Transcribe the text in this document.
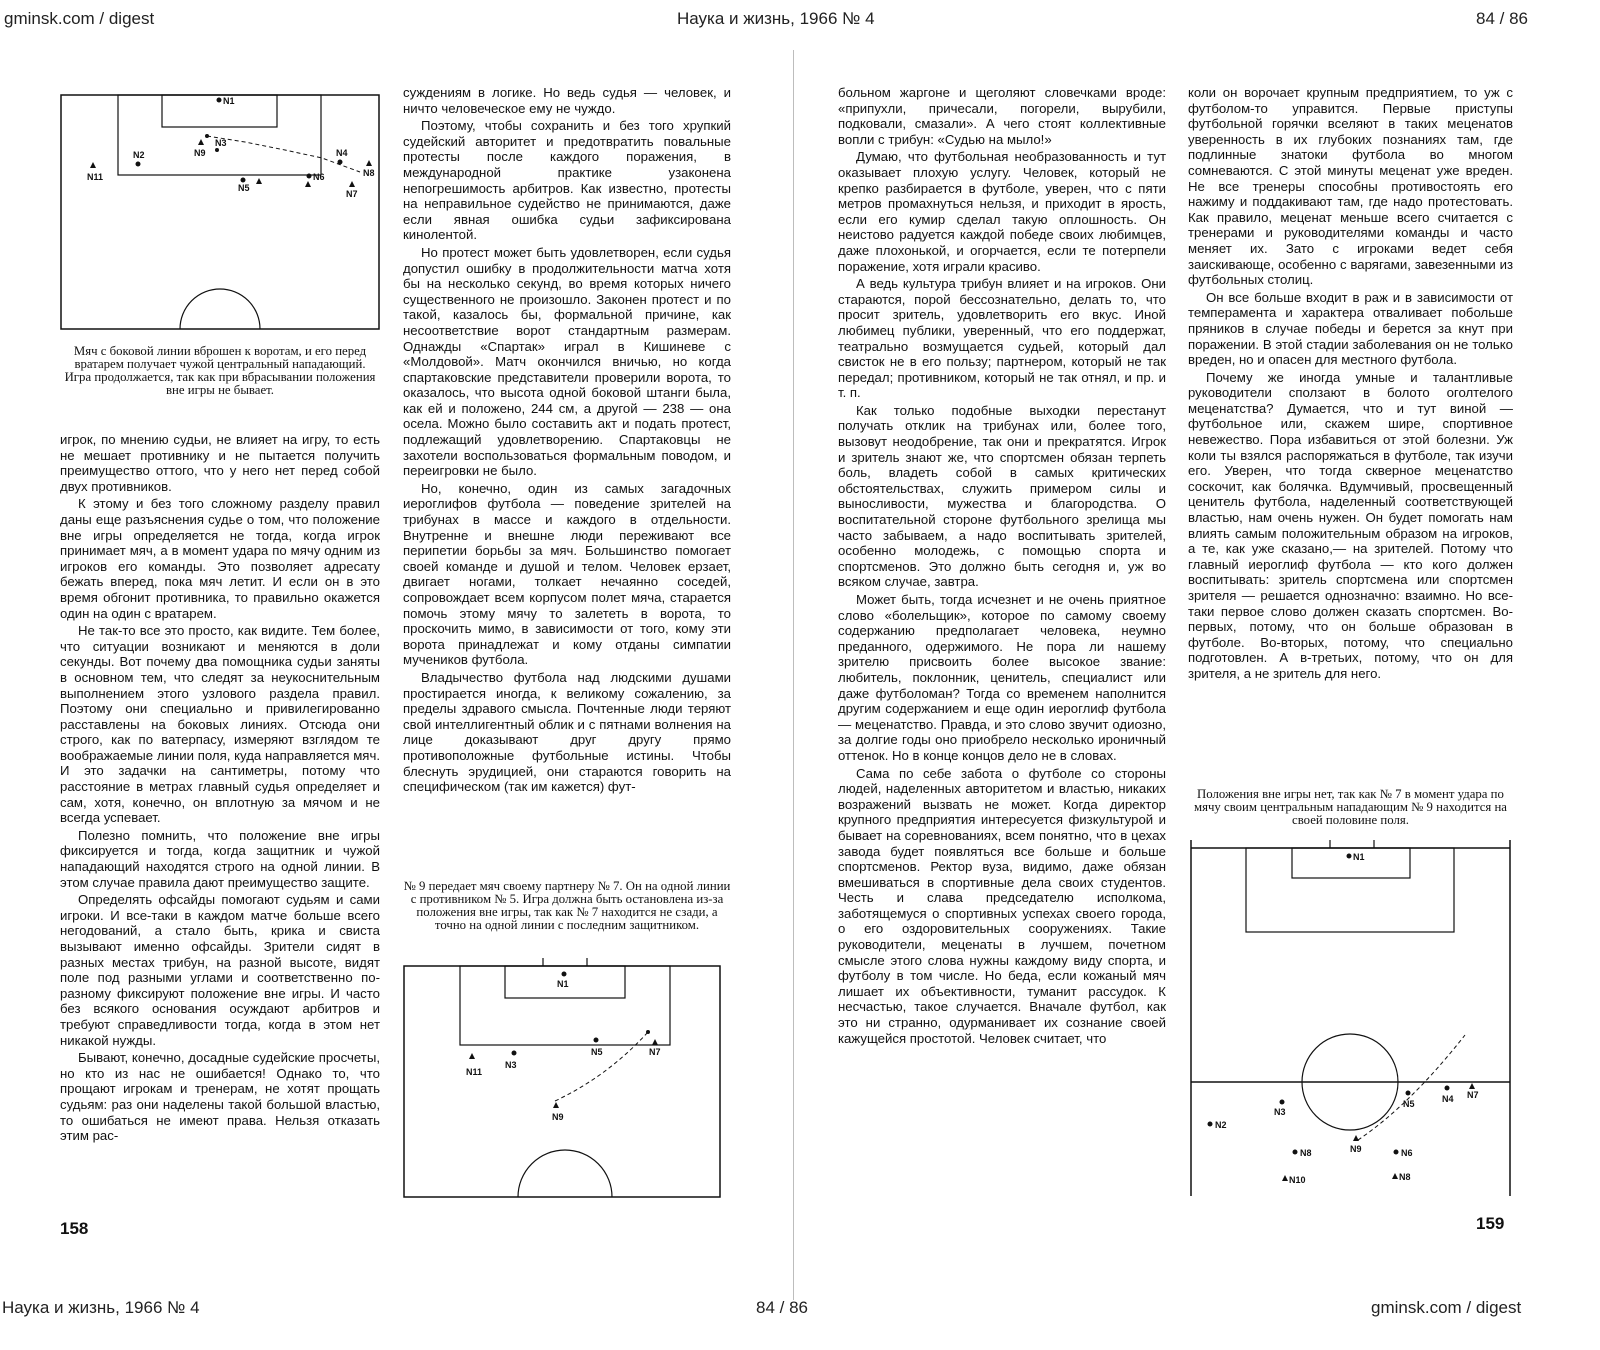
gminsk.com / digest	Наука и жизнь, 1966 № 4	84 / 86
N1
N2	N9
N3
N11
N4
N8
N6
N5
N7
Мяч с боковой линии вброшен к воротам, и его перед вратарем получает чужой центральный нападающий. Игра продолжается, так как при вбрасывании положения вне игры не бывает.

игрок, по мнению судьи, не влияет на игру, то есть не мешает противнику и не пытается получить преимущество оттого, что у него нет перед собой двух противников.

К этому и без того сложному разделу правил даны еще разъяснения судье о том, что положение вне игры определяется не тогда, когда игрок принимает мяч, а в момент удара по мячу одним из игроков его команды. Это позволяет адресату бежать вперед, пока мяч летит. И если он в это время обгонит противника, то правильно окажется один на один с вратарем.

Не так-то все это просто, как видите. Тем более, что ситуации возникают и меняются в доли секунды. Вот почему два помощника судьи заняты в основном тем, что следят за неукоснительным выполнением этого узлового раздела правил. Поэтому они специально и привилегированно расставлены на боковых линиях. Отсюда они строго, как по ватерпасу, измеряют взглядом те воображаемые линии поля, куда направляется мяч. И это задачки на сантиметры, потому что расстояние в метрах главный судья определяет и сам, хотя, конечно, он вплотную за мячом и не всегда успевает.

Полезно помнить, что положение вне игры фиксируется и тогда, когда защитник и чужой нападающий находятся строго на одной линии. В этом случае правила дают преимущество защите.

Определять офсайды помогают судьям и сами игроки. И все-таки в каждом матче больше всего негодований, а стало быть, крика и свиста вызывают именно офсайды. Зрители сидят в разных местах трибун, на разной высоте, видят поле под разными углами и соответственно по-разному фиксируют положение вне игры. И часто без всякого основания осуждают арбитров и требуют справедливости тогда, когда в этом нет никакой нужды.

Бывают, конечно, досадные судейские просчеты, но кто из нас не ошибается! Однако то, что прощают игрокам и тренерам, не хотят прощать судьям: раз они наделены такой большой властью, то ошибаться не имеют права. Нельзя отказать этим рас-

суждениям в логике. Но ведь судья — человек, и ничто человеческое ему не чуждо.

Поэтому, чтобы сохранить и без того хрупкий судейский авторитет и предотвратить повальные протесты после каждого поражения, в международной практике узаконена непогрешимость арбитров. Как известно, протесты на неправильное судейство не принимаются, даже если явная ошибка судьи зафиксирована кинолентой.

Но протест может быть удовлетворен, если судья допустил ошибку в продолжительности матча хотя бы на несколько секунд, во время которых ничего существенного не произошло. Законен протест и по такой, казалось бы, формальной причине, как несоответствие ворот стандартным размерам. Однажды «Спартак» играл в Кишиневе с «Молдовой». Матч окончился вничью, но когда спартаковские представители проверили ворота, то оказалось, что высота одной боковой штанги была, как ей и положено, 244 см, а другой — 238 — она осела. Можно было составить акт и подать протест, подлежащий удовлетворению. Спартаковцы не захотели воспользоваться формальным поводом, и переигровки не было.

Но, конечно, один из самых загадочных иероглифов футбола — поведение зрителей на трибунах в массе и каждого в отдельности. Внутренне и внешне люди переживают все перипетии борьбы за мяч. Большинство помогает своей команде и душой и телом. Человек ерзает, двигает ногами, толкает нечаянно соседей, сопровождает всем корпусом полет мяча, старается помочь этому мячу то залететь в ворота, то проскочить мимо, в зависимости от того, кому эти ворота принадлежат и кому отданы симпатии мучеников футбола.

Владычество футбола над людскими душами простирается иногда, к великому сожалению, за пределы здравого смысла. Почтенные люди теряют свой интеллигентный облик и с пятнами волнения на лице доказывают друг другу прямо противоположные футбольные истины. Чтобы блеснуть эрудицией, они стараются говорить на специфическом (так им кажется) фут-

№ 9 передает мяч своему партнеру № 7. Он на одной линии с противником № 5. Игра должна быть остановлена из-за положения вне игры, так как № 7 находится не сзади, а точно на одной линии с последним защитником.
N1
N11
N3
N5	N7
N9
158

больном жаргоне и щеголяют словечками вроде: «припухли, причесали, погорели, вырубили, подковали, смазали». А чего стоят коллективные вопли с трибун: «Судью на мыло!»

Думаю, что футбольная необразованность и тут оказывает плохую услугу. Человек, который не крепко разбирается в футболе, уверен, что с пяти метров промахнуться нельзя, и приходит в ярость, если его кумир сделал такую оплошность. Он неистово радуется каждой победе своих любимцев, даже плохонькой, и огорчается, если те потерпели поражение, хотя играли красиво.

А ведь культура трибун влияет и на игроков. Они стараются, порой бессознательно, делать то, что просит зритель, удовлетворить его вкус. Иной любимец публики, уверенный, что его поддержат, театрально возмущается судьей, который дал свисток не в его пользу; партнером, который не так передал; противником, который не так отнял, и пр. и т. п.

Как только подобные выходки перестанут получать отклик на трибунах или, более того, вызовут неодобрение, так они и прекратятся. Игрок и зритель знают же, что спортсмен обязан терпеть боль, владеть собой в самых критических обстоятельствах, служить примером силы и выносливости, мужества и благородства. О воспитательной стороне футбольного зрелища мы часто забываем, а надо воспитывать зрителей, особенно молодежь, с помощью спорта и спортсменов. Это должно быть сегодня и, уж во всяком случае, завтра.

Может быть, тогда исчезнет и не очень приятное слово «болельщик», которое по самому своему содержанию предполагает человека, неумно преданного, одержимого. Не пора ли нашему зрителю присвоить более высокое звание: любитель, поклонник, ценитель, специалист или даже футболоман? Тогда со временем наполнится другим содержанием и еще один иероглиф футбола — меценатство. Правда, и это слово звучит одиозно, за долгие годы оно приобрело несколько ироничный оттенок. Но в конце концов дело не в словах.

Сама по себе забота о футболе со стороны людей, наделенных авторитетом и властью, никаких возражений вызвать не может. Когда директор крупного предприятия интересуется физкультурой и бывает на соревнованиях, всем понятно, что в цехах завода будет появляться все больше и больше спортсменов. Ректор вуза, видимо, даже обязан вмешиваться в спортивные дела своих студентов. Честь и слава председателю исполкома, заботящемуся о спортивных успехах своего города, о его оздоровительных сооружениях. Такие руководители, меценаты в лучшем, почетном смысле этого слова нужны каждому виду спорта, и футболу в том числе. Но беда, если кожаный мяч лишает их объективности, туманит рассудок. К несчастью, такое случается. Вначале футбол, как это ни странно, одурманивает их сознание своей кажущейся простотой. Человек считает, что

коли он ворочает крупным предприятием, то уж с футболом-то управится. Первые приступы футбольной горячки вселяют в таких меценатов уверенность в их глубоких познаниях там, где подлинные знатоки футбола во многом сомневаются. С этой минуты меценат уже вреден. Не все тренеры способны противостоять его нажиму и поддакивают там, где надо протестовать. Как правило, меценат меньше всего считается с тренерами и руководителями команды и часто меняет их. Зато с игроками ведет себя заискивающе, особенно с варягами, завезенными из футбольных столиц.

Он все больше входит в раж и в зависимости от темперамента и характера отваливает побольше пряников в случае победы и берется за кнут при поражении. В этой стадии заболевания он не только вреден, но и опасен для местного футбола.

Почему же иногда умные и талантливые руководители сползают в болото оголтелого меценатства? Думается, что и тут виной — футбольное или, скажем шире, спортивное невежество. Пора избавиться от этой болезни. Уж коли ты взялся распоряжаться в футболе, так изучи его. Уверен, что тогда скверное меценатство соскочит, как болячка. Вдумчивый, просвещенный ценитель футбола, наделенный соответствующей властью, нам очень нужен. Он будет помогать нам влиять самым положительным образом на игроков, а те, как уже сказано,— на зрителей. Потому что главный иероглиф футбола — кто кого должен воспитывать: зритель спортсмена или спортсмен зрителя — решается однозначно: взаимно. Но все-таки первое слово должен сказать спортсмен. Во-первых, потому, что он больше образован в футболе. Во-вторых, потому, что специально подготовлен. А в-третьих, потому, что он для зрителя, а не зритель для него.

Положения вне игры нет, так как № 7 в момент удара по мячу своим центральным нападающим № 9 находится на своей половине поля.
N1
N2
N3
N5	N4 N7
N9
N8	N6
N10	N8
159
Наука и жизнь, 1966 № 4	84 / 86	gminsk.com / digest
